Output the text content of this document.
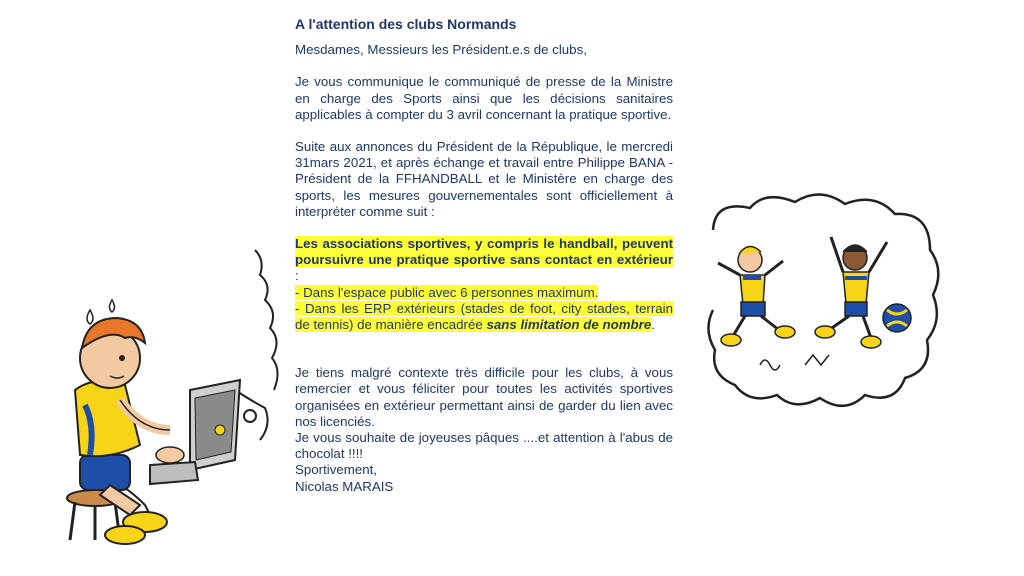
A l'attention des clubs Normands

Mesdames, Messieurs les Président.e.s de clubs,

Je vous communique le communiqué de presse de la Ministre en charge des Sports ainsi que les décisions sanitaires applicables à compter du 3 avril concernant la pratique sportive.

Suite aux annonces du Président de la République, le mercredi 31mars 2021, et après échange et travail entre Philippe BANA - Président de la FFHANDBALL et le Ministère en charge des sports, les mesures gouvernementales sont officiellement à interpréter comme suit :

Les associations sportives, y compris le handball, peuvent poursuivre une pratique sportive sans contact en extérieur :

- Dans l'espace public avec 6 personnes maximum.

- Dans les ERP extérieurs (stades de foot, city stades, terrain de tennis) de manière encadrée sans limitation de nombre.

Je tiens malgré contexte très difficile pour les clubs, à vous remercier et vous féliciter pour toutes les activités sportives organisées en extérieur permettant ainsi de garder du lien avec nos licenciés.

Je vous souhaite de joyeuses pâques ....et attention à l'abus de chocolat !!!!

Sportivement,

Nicolas MARAIS
